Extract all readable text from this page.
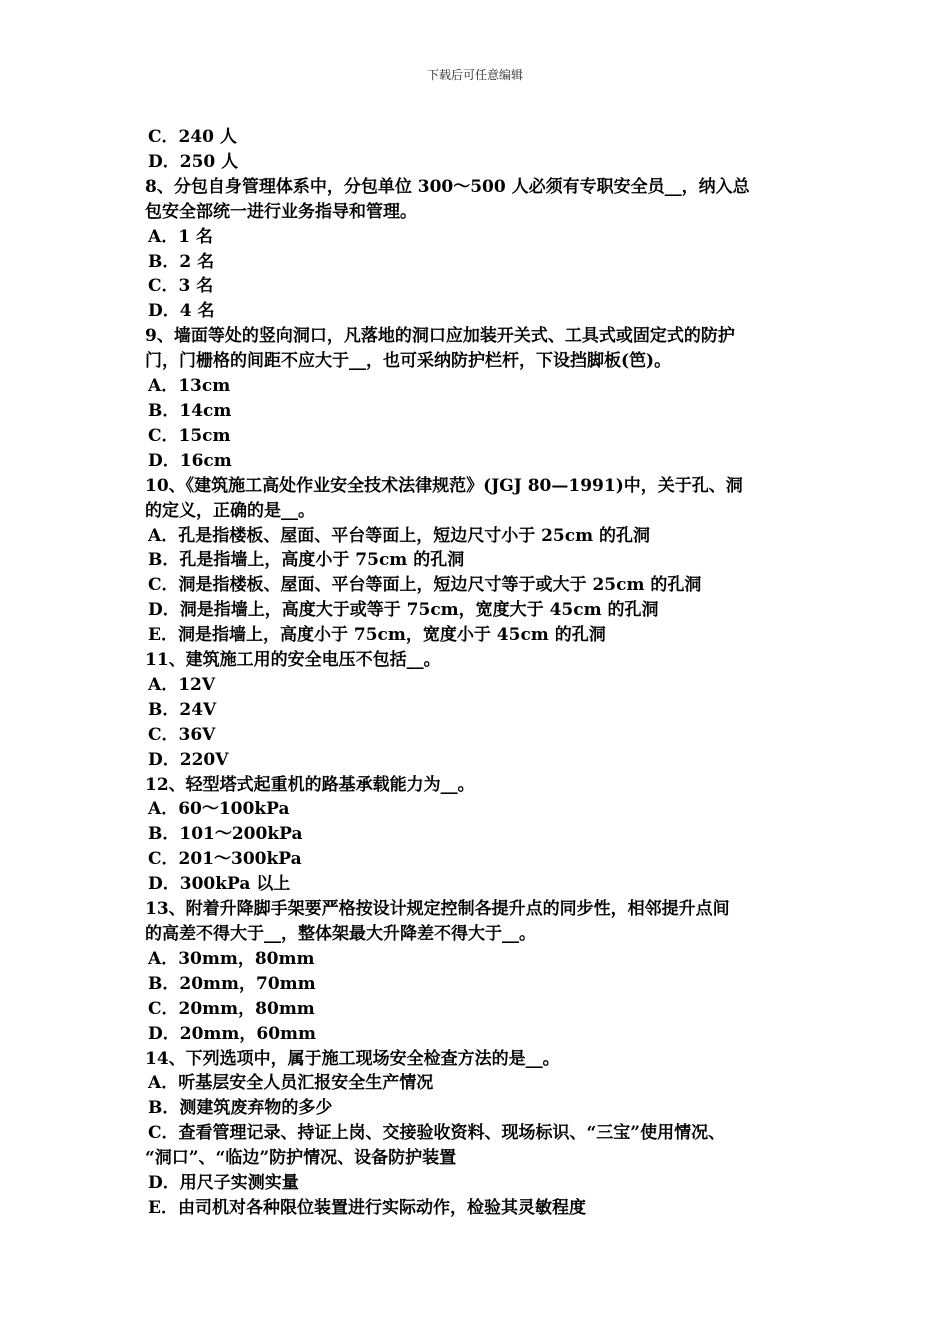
下载后可任意编辑

C．240 人

D．250 人

8、分包自身管理体系中，分包单位 300～500 人必须有专职安全员__，纳入总

包安全部统一进行业务指导和管理。

A．1 名

B．2 名

C．3 名

D．4 名

9、墙面等处的竖向洞口，凡落地的洞口应加装开关式、工具式或固定式的防护

门，门栅格的间距不应大于__，也可采纳防护栏杆，下设挡脚板(笆)。

A．13cm

B．14cm

C．15cm

D．16cm

10、《建筑施工高处作业安全技术法律规范》(JGJ 80—1991)中，关于孔、洞

的定义，正确的是__。

A．孔是指楼板、屋面、平台等面上，短边尺寸小于 25cm 的孔洞

B．孔是指墙上，高度小于 75cm 的孔洞

C．洞是指楼板、屋面、平台等面上，短边尺寸等于或大于 25cm 的孔洞

D．洞是指墙上，高度大于或等于 75cm，宽度大于 45cm 的孔洞

E．洞是指墙上，高度小于 75cm，宽度小于 45cm 的孔洞

11、建筑施工用的安全电压不包括__。

A．12V

B．24V

C．36V

D．220V

12、轻型塔式起重机的路基承载能力为__。

A．60～100kPa

B．101～200kPa

C．201～300kPa

D．300kPa 以上

13、附着升降脚手架要严格按设计规定控制各提升点的同步性，相邻提升点间

的高差不得大于__，整体架最大升降差不得大于__。

A．30mm，80mm

B．20mm，70mm

C．20mm，80mm

D．20mm，60mm

14、下列选项中，属于施工现场安全检查方法的是__。

A．听基层安全人员汇报安全生产情况

B．测建筑废弃物的多少

C．查看管理记录、持证上岗、交接验收资料、现场标识、“三宝”使用情况、

“洞口”、“临边”防护情况、设备防护装置

D．用尺子实测实量

E．由司机对各种限位装置进行实际动作，检验其灵敏程度
